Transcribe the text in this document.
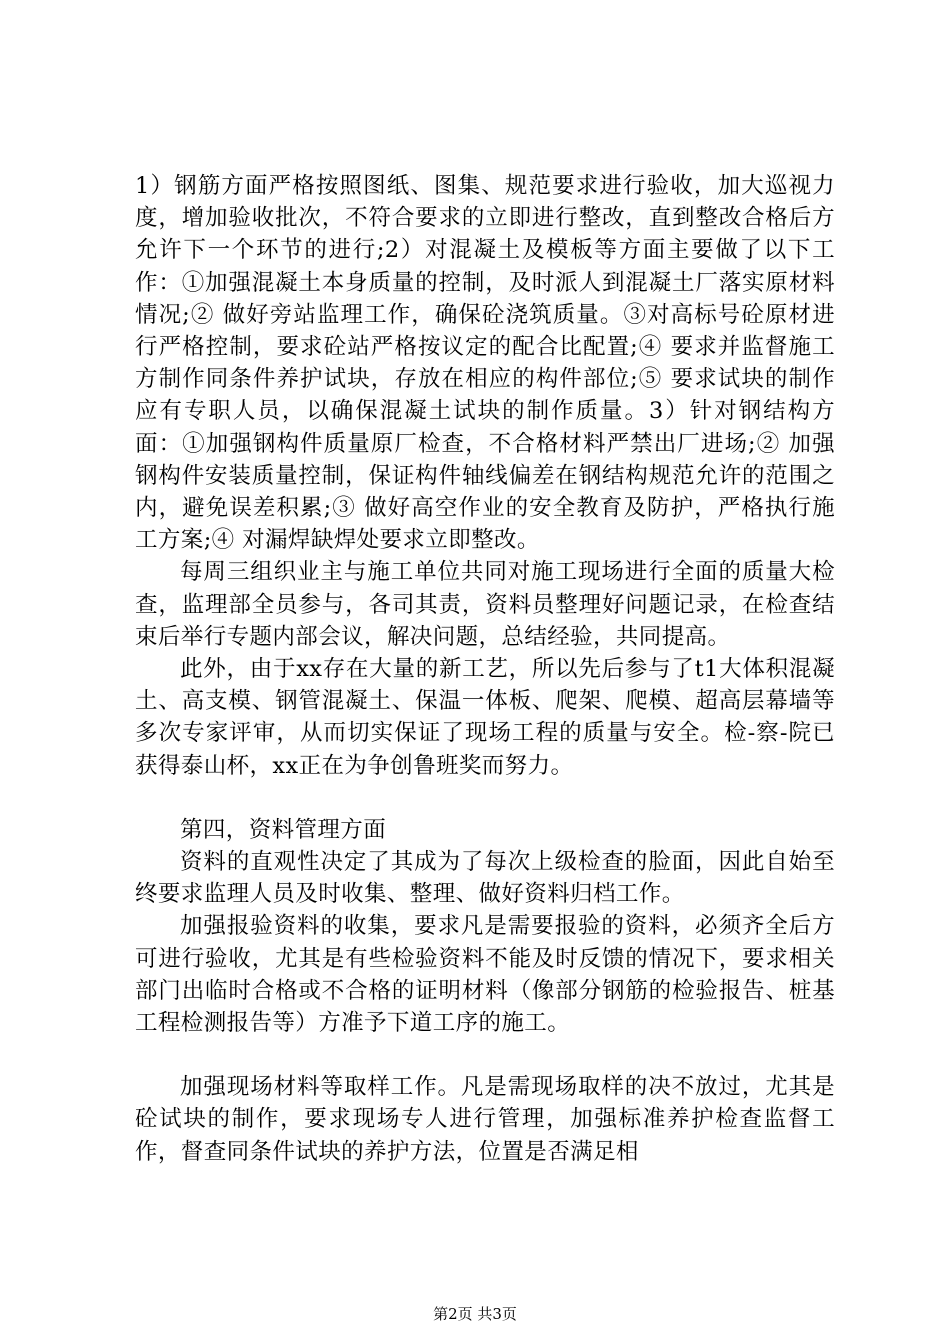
1）钢筋方面严格按照图纸、图集、规范要求进行验收，加大巡视力度，增加验收批次，不符合要求的立即进行整改，直到整改合格后方允许下一个环节的进行;2）对混凝土及模板等方面主要做了以下工作：①加强混凝土本身质量的控制，及时派人到混凝土厂落实原材料情况;② 做好旁站监理工作，确保砼浇筑质量。③对高标号砼原材进行严格控制，要求砼站严格按议定的配合比配置;④ 要求并监督施工方制作同条件养护试块，存放在相应的构件部位;⑤ 要求试块的制作应有专职人员，以确保混凝土试块的制作质量。3）针对钢结构方面：①加强钢构件质量原厂检查，不合格材料严禁出厂进场;② 加强钢构件安装质量控制，保证构件轴线偏差在钢结构规范允许的范围之内，避免误差积累;③ 做好高空作业的安全教育及防护，严格执行施工方案;④ 对漏焊缺焊处要求立即整改。

每周三组织业主与施工单位共同对施工现场进行全面的质量大检查，监理部全员参与，各司其责，资料员整理好问题记录，在检查结束后举行专题内部会议，解决问题，总结经验，共同提高。

此外，由于xx存在大量的新工艺，所以先后参与了t1大体积混凝土、高支模、钢管混凝土、保温一体板、爬架、爬模、超高层幕墙等多次专家评审，从而切实保证了现场工程的质量与安全。检-察-院已获得泰山杯，xx正在为争创鲁班奖而努力。

第四，资料管理方面

资料的直观性决定了其成为了每次上级检查的脸面，因此自始至终要求监理人员及时收集、整理、做好资料归档工作。

加强报验资料的收集，要求凡是需要报验的资料，必须齐全后方可进行验收，尤其是有些检验资料不能及时反馈的情况下，要求相关部门出临时合格或不合格的证明材料（像部分钢筋的检验报告、桩基工程检测报告等）方准予下道工序的施工。

加强现场材料等取样工作。凡是需现场取样的决不放过，尤其是砼试块的制作，要求现场专人进行管理，加强标准养护检查监督工作，督查同条件试块的养护方法，位置是否满足相

第2页 共3页
